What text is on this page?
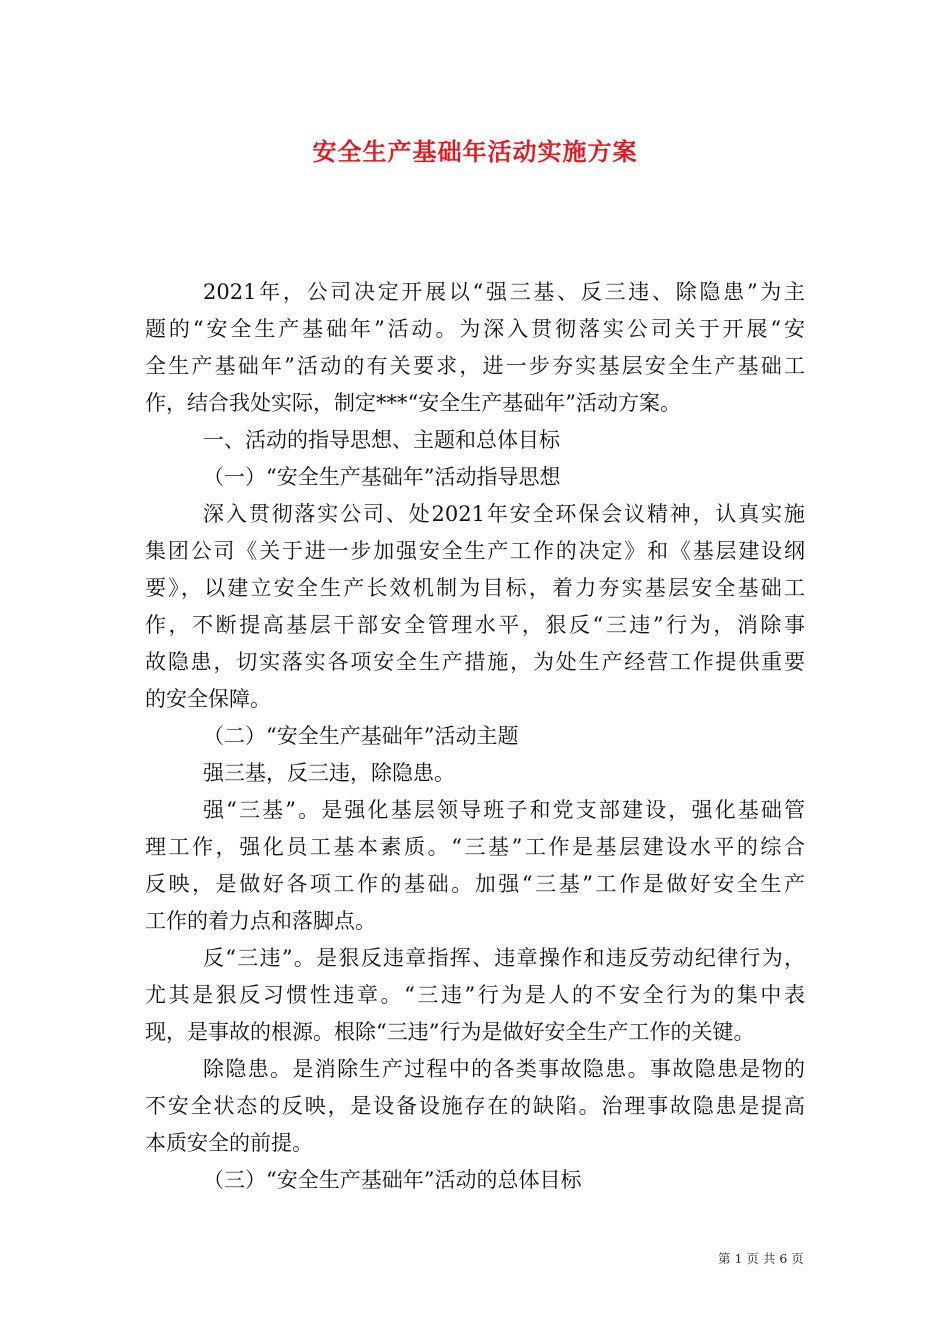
安全生产基础年活动实施方案
2021年，公司决定开展以“强三基、反三违、除隐患”为主
题的“安全生产基础年”活动。为深入贯彻落实公司关于开展“安
全生产基础年”活动的有关要求，进一步夯实基层安全生产基础工
作，结合我处实际，制定***“安全生产基础年”活动方案。
一、活动的指导思想、主题和总体目标
（一）“安全生产基础年”活动指导思想
深入贯彻落实公司、处2021年安全环保会议精神，认真实施
集团公司《关于进一步加强安全生产工作的决定》和《基层建设纲
要》，以建立安全生产长效机制为目标，着力夯实基层安全基础工
作，不断提高基层干部安全管理水平，狠反“三违”行为，消除事
故隐患，切实落实各项安全生产措施，为处生产经营工作提供重要
的安全保障。
（二）“安全生产基础年”活动主题
强三基，反三违，除隐患。
强“三基”。是强化基层领导班子和党支部建设，强化基础管
理工作，强化员工基本素质。“三基”工作是基层建设水平的综合
反映，是做好各项工作的基础。加强“三基”工作是做好安全生产
工作的着力点和落脚点。
反“三违”。是狠反违章指挥、违章操作和违反劳动纪律行为，
尤其是狠反习惯性违章。“三违”行为是人的不安全行为的集中表
现，是事故的根源。根除“三违”行为是做好安全生产工作的关键。
除隐患。是消除生产过程中的各类事故隐患。事故隐患是物的
不安全状态的反映，是设备设施存在的缺陷。治理事故隐患是提高
本质安全的前提。
（三）“安全生产基础年”活动的总体目标
第 1 页 共 6 页
